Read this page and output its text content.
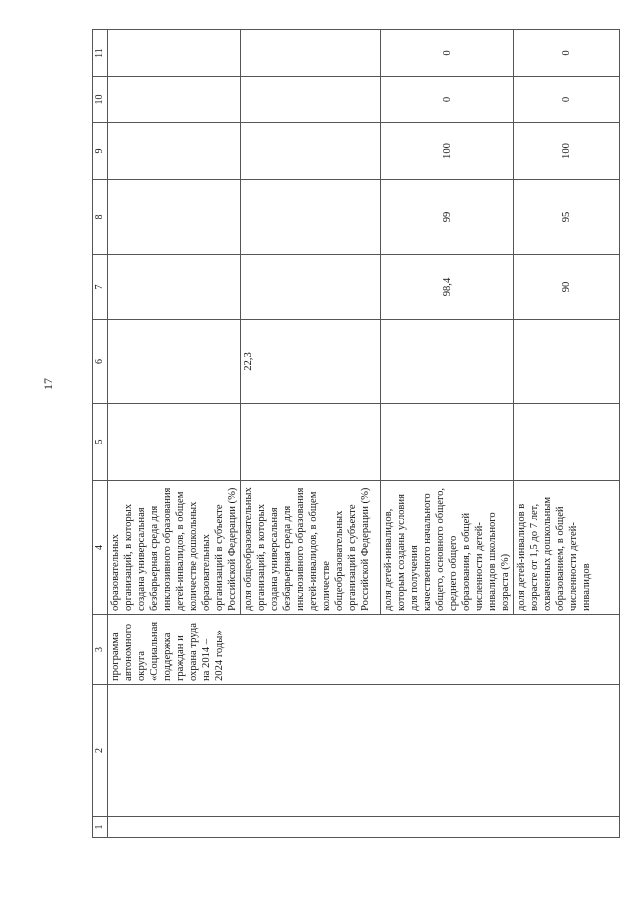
17
1	2	3	4	5	6	7	8	9	10	11
		программа автономного округа «Социальная поддержка граждан и охрана труда на 2014 – 2024 годы»	образовательных организаций, в которых создана универсальная безбарьерная среда для инклюзивного образования детей-инвалидов, в общем количестве дошкольных образовательных организаций в субъекте Российской Федерации (%)							
			доля общеобразовательных организаций, в которых создана универсальная безбарьерная среда для инклюзивного образования детей-инвалидов, в общем количестве общеобразовательных организаций в субъекте Российской Федерации (%)		22,3					
			доля детей-инвалидов, которым созданы условия для получения качественного начального общего, основного общего, среднего общего образования, в общей численности детей-инвалидов школьного возраста (%)			98,4	99	100	0	0
			доля детей-инвалидов в возрасте от 1,5 до 7 лет, охваченных дошкольным образованием, в общей численности детей-инвалидов			90	95	100	0	0
